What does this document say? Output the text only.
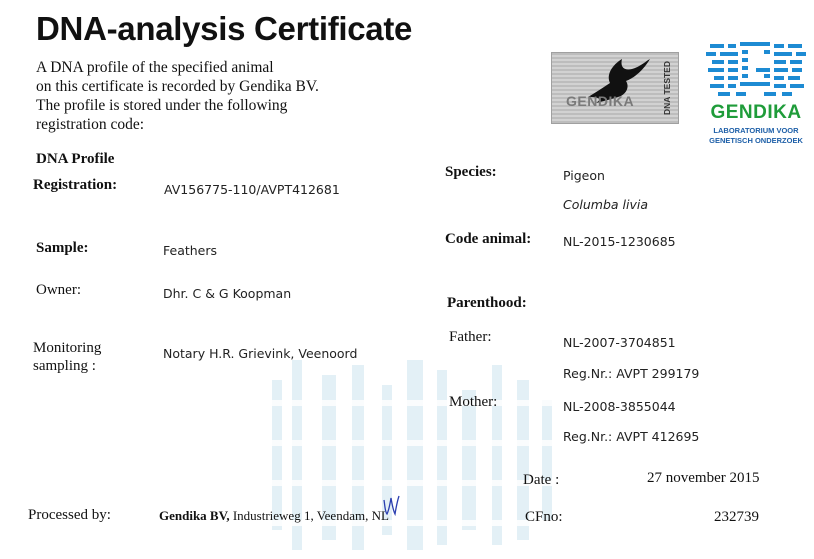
DNA-analysis Certificate
A DNA profile of the specified animal
on this certificate is recorded by Gendika BV.
The profile is stored under the following
registration code:
GENDIKA	DNA TESTED GENDIKA
LABORATORIUM VOOR
GENETISCH ONDERZOEK
DNA Profile
Registration:	AV156775-110/AVPT412681
Sample:	Feathers
Owner:	Dhr. C & G Koopman
Monitoring
sampling :
Notary H.R. Grievink, Veenoord
Species:	Pigeon
Columba livia
Code animal:	NL-2015-1230685
Parenthood:
Father:	NL-2007-3704851
Reg.Nr.: AVPT 299179
Mother:	NL-2008-3855044
Reg.Nr.: AVPT 412695
Date :	27 november 2015
Processed by:	Gendika BV, Industrieweg 1, Veendam, NL	CFno:	232739
